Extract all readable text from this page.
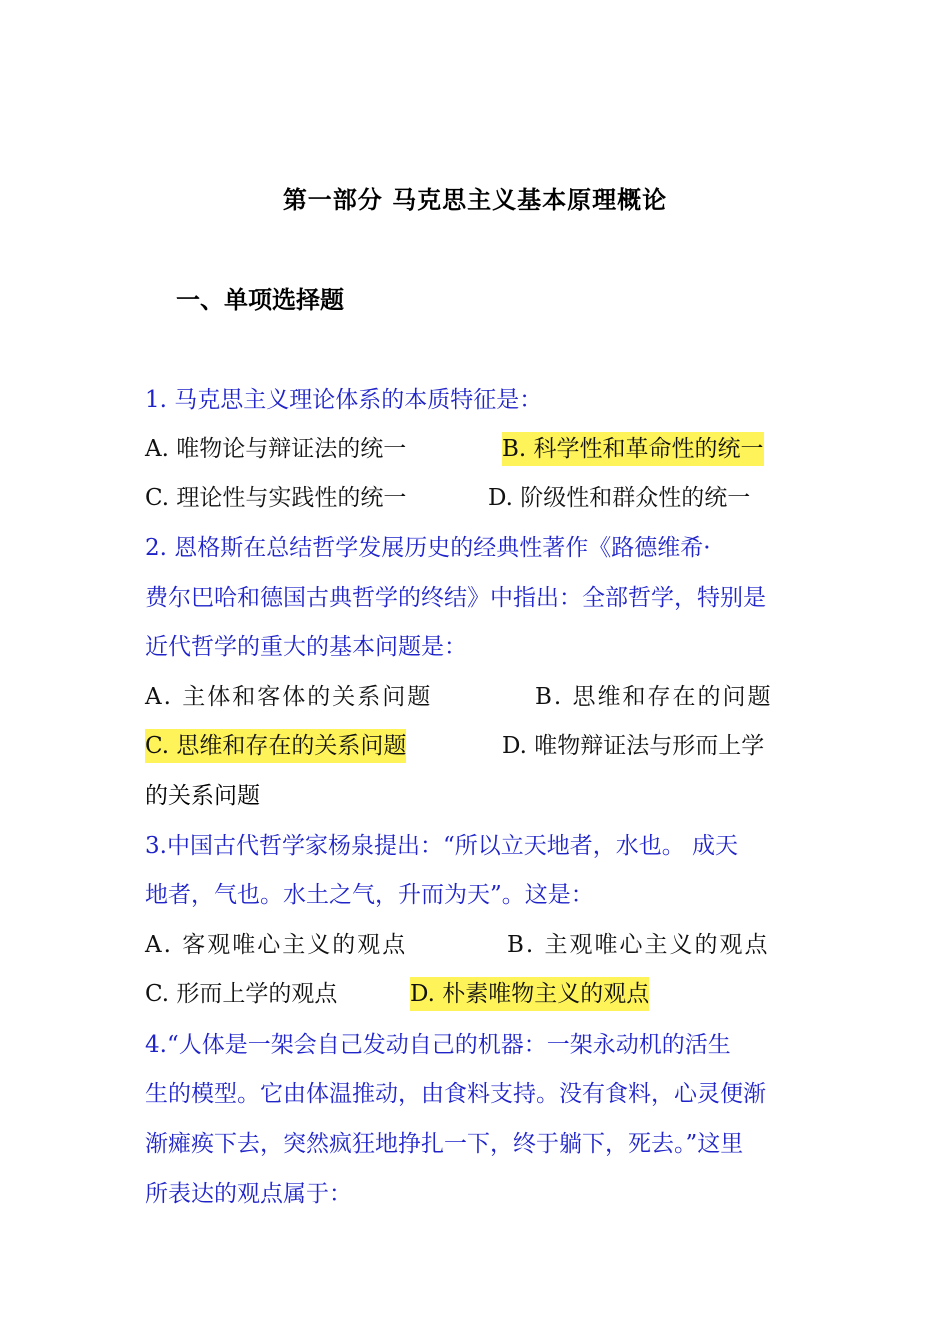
第一部分 马克思主义基本原理概论
一、单项选择题
1. 马克思主义理论体系的本质特征是：
A. 唯物论与辩证法的统一	B. 科学性和革命性的统一
C. 理论性与实践性的统一	D. 阶级性和群众性的统一
2. 恩格斯在总结哲学发展历史的经典性著作《路德维希·
费尔巴哈和德国古典哲学的终结》中指出：全部哲学，特别是
近代哲学的重大的基本问题是：
A. 主体和客体的关系问题	B. 思维和存在的问题
C. 思维和存在的关系问题	D. 唯物辩证法与形而上学
的关系问题
3.中国古代哲学家杨泉提出：“所以立天地者，水也。 成天
地者，气也。水土之气，升而为天”。这是：
A. 客观唯心主义的观点	B. 主观唯心主义的观点
C. 形而上学的观点	D. 朴素唯物主义的观点
4.“人体是一架会自己发动自己的机器：一架永动机的活生
生的模型。它由体温推动，由食料支持。没有食料，心灵便渐
渐瘫痪下去，突然疯狂地挣扎一下，终于躺下，死去。”这里
所表达的观点属于：
